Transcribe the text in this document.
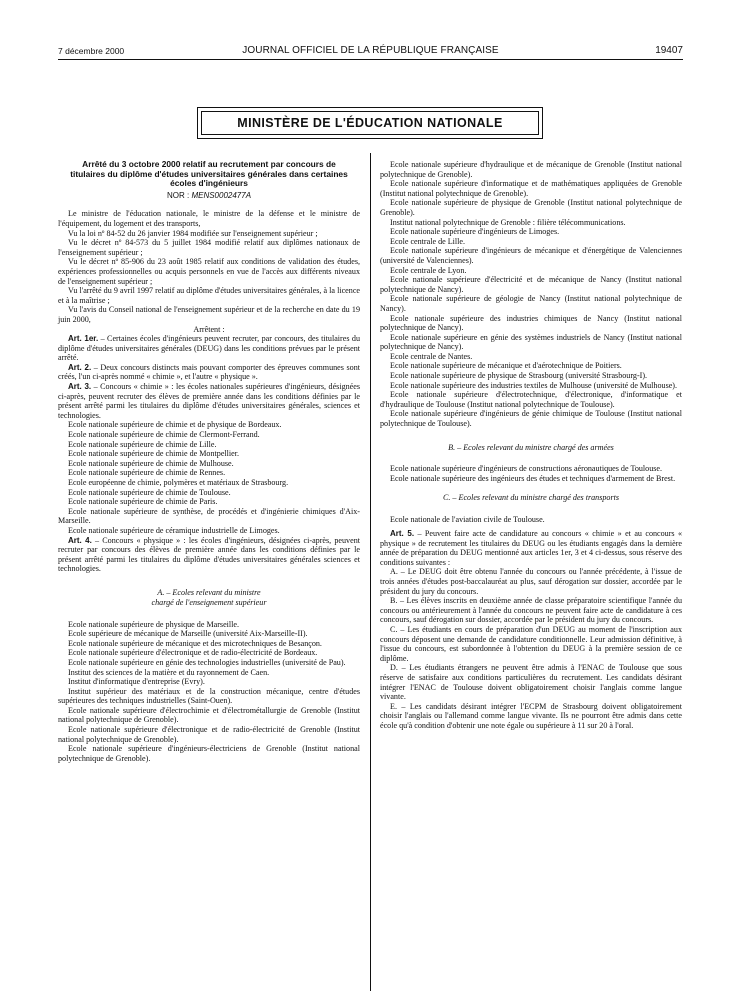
7 décembre 2000	JOURNAL OFFICIEL DE LA RÉPUBLIQUE FRANÇAISE	19407
MINISTÈRE DE L'ÉDUCATION NATIONALE
Arrêté du 3 octobre 2000 relatif au recrutement par concours de titulaires du diplôme d'études universitaires générales dans certaines écoles d'ingénieurs
NOR : MENS0002477A

Le ministre de l'éducation nationale, le ministre de la défense et le ministre de l'équipement, du logement et des transports,

Vu la loi nº 84-52 du 26 janvier 1984 modifiée sur l'enseignement supérieur ;

Vu le décret nº 84-573 du 5 juillet 1984 modifié relatif aux diplômes nationaux de l'enseignement supérieur ;

Vu le décret nº 85-906 du 23 août 1985 relatif aux conditions de validation des études, expériences professionnelles ou acquis personnels en vue de l'accès aux différents niveaux de l'enseignement supérieur ;

Vu l'arrêté du 9 avril 1997 relatif au diplôme d'études universitaires générales, à la licence et à la maîtrise ;

Vu l'avis du Conseil national de l'enseignement supérieur et de la recherche en date du 19 juin 2000,

Arrêtent :

Art. 1er. – Certaines écoles d'ingénieurs peuvent recruter, par concours, des titulaires du diplôme d'études universitaires générales (DEUG) dans les conditions prévues par le présent arrêté.

Art. 2. – Deux concours distincts mais pouvant comporter des épreuves communes sont créés, l'un ci-après nommé « chimie », et l'autre « physique ».

Art. 3. – Concours « chimie » : les écoles nationales supérieures d'ingénieurs, désignées ci-après, peuvent recruter des élèves de première année dans les conditions définies par le présent arrêté parmi les titulaires du diplôme d'études universitaires générales, sciences et technologies.

Ecole nationale supérieure de chimie et de physique de Bordeaux.

Ecole nationale supérieure de chimie de Clermont-Ferrand.

Ecole nationale supérieure de chimie de Lille.

Ecole nationale supérieure de chimie de Montpellier.

Ecole nationale supérieure de chimie de Mulhouse.

Ecole nationale supérieure de chimie de Rennes.

Ecole européenne de chimie, polymères et matériaux de Strasbourg.

Ecole nationale supérieure de chimie de Toulouse.

Ecole nationale supérieure de chimie de Paris.

Ecole nationale supérieure de synthèse, de procédés et d'ingénierie chimiques d'Aix-Marseille.

Ecole nationale supérieure de céramique industrielle de Limoges.

Art. 4. – Concours « physique » : les écoles d'ingénieurs, désignées ci-après, peuvent recruter par concours des élèves de première année dans les conditions définies par le présent arrêté parmi les titulaires du diplôme d'études universitaires générales sciences et technologies.

A. – Ecoles relevant du ministre
chargé de l'enseignement supérieur

Ecole nationale supérieure de physique de Marseille.

Ecole supérieure de mécanique de Marseille (université Aix-Marseille-II).

Ecole nationale supérieure de mécanique et des microtechniques de Besançon.

Ecole nationale supérieure d'électronique et de radio-électricité de Bordeaux.

Ecole nationale supérieure en génie des technologies industrielles (université de Pau).

Institut des sciences de la matière et du rayonnement de Caen.

Institut d'informatique d'entreprise (Evry).

Institut supérieur des matériaux et de la construction mécanique, centre d'études supérieures des techniques industrielles (Saint-Ouen).

Ecole nationale supérieure d'électrochimie et d'électrométallurgie de Grenoble (Institut national polytechnique de Grenoble).

Ecole nationale supérieure d'électronique et de radio-électricité de Grenoble (Institut national polytechnique de Grenoble).

Ecole nationale supérieure d'ingénieurs-électriciens de Grenoble (Institut national polytechnique de Grenoble).

Ecole nationale supérieure d'hydraulique et de mécanique de Grenoble (Institut national polytechnique de Grenoble).

Ecole nationale supérieure d'informatique et de mathématiques appliquées de Grenoble (Institut national polytechnique de Grenoble).

Ecole nationale supérieure de physique de Grenoble (Institut national polytechnique de Grenoble).

Institut national polytechnique de Grenoble : filière télécommunications.

Ecole nationale supérieure d'ingénieurs de Limoges.

Ecole centrale de Lille.

Ecole nationale supérieure d'ingénieurs de mécanique et d'énergétique de Valenciennes (université de Valenciennes).

Ecole centrale de Lyon.

Ecole nationale supérieure d'électricité et de mécanique de Nancy (Institut national polytechnique de Nancy).

Ecole nationale supérieure de géologie de Nancy (Institut national polytechnique de Nancy).

Ecole nationale supérieure des industries chimiques de Nancy (Institut national polytechnique de Nancy).

Ecole nationale supérieure en génie des systèmes industriels de Nancy (Institut national polytechnique de Nancy).

Ecole centrale de Nantes.

Ecole nationale supérieure de mécanique et d'aérotechnique de Poitiers.

Ecole nationale supérieure de physique de Strasbourg (université Strasbourg-I).

Ecole nationale supérieure des industries textiles de Mulhouse (université de Mulhouse).

Ecole nationale supérieure d'électrotechnique, d'électronique, d'informatique et d'hydraulique de Toulouse (Institut national polytechnique de Toulouse).

Ecole nationale supérieure d'ingénieurs de génie chimique de Toulouse (Institut national polytechnique de Toulouse).

B. – Ecoles relevant du ministre chargé des armées

Ecole nationale supérieure d'ingénieurs de constructions aéronautiques de Toulouse.

Ecole nationale supérieure des ingénieurs des études et techniques d'armement de Brest.

C. – Ecoles relevant du ministre chargé des transports

Ecole nationale de l'aviation civile de Toulouse.

Art. 5. – Peuvent faire acte de candidature au concours « chimie » et au concours « physique » de recrutement les titulaires du DEUG ou les étudiants engagés dans la dernière année de préparation du DEUG mentionné aux articles 1er, 3 et 4 ci-dessus, sous réserve des conditions suivantes :

A. – Le DEUG doit être obtenu l'année du concours ou l'année précédente, à l'issue de trois années d'études post-baccalauréat au plus, sauf dérogation sur dossier, accordée par le président du jury du concours.

B. – Les élèves inscrits en deuxième année de classe préparatoire scientifique l'année du concours ou antérieurement à l'année du concours ne peuvent faire acte de candidature à ces concours, sauf dérogation sur dossier, accordée par le président du jury du concours.

C. – Les étudiants en cours de préparation d'un DEUG au moment de l'inscription aux concours déposent une demande de candidature conditionnelle. Leur admission définitive, à l'issue du concours, est subordonnée à l'obtention du DEUG à la première session de ce diplôme.

D. – Les étudiants étrangers ne peuvent être admis à l'ENAC de Toulouse que sous réserve de satisfaire aux conditions particulières du recrutement. Les candidats désirant intégrer l'ENAC de Toulouse doivent obligatoirement choisir l'anglais comme langue vivante.

E. – Les candidats désirant intégrer l'ECPM de Strasbourg doivent obligatoirement choisir l'anglais ou l'allemand comme langue vivante. Ils ne pourront être admis dans cette école qu'à condition d'obtenir une note égale ou supérieure à 11 sur 20 à l'oral.
